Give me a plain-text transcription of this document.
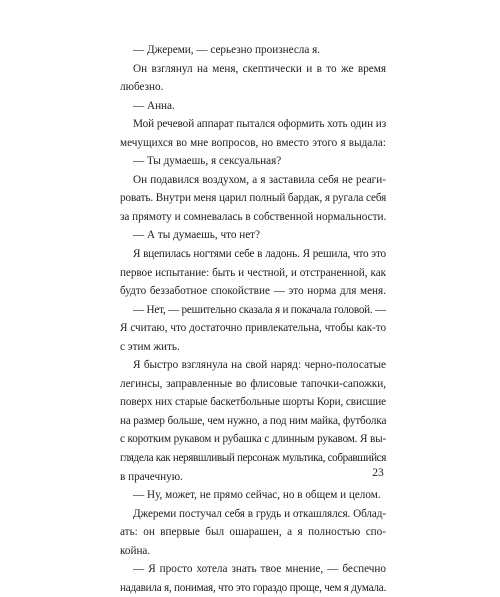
— Джереми, — серьезно произнесла я.
Он взглянул на меня, скептически и в то же время
любезно.
— Анна.
Мой речевой аппарат пытался оформить хоть один из
мечущихся во мне вопросов, но вместо этого я выдала:
— Ты думаешь, я сексуальная?
Он подавился воздухом, а я заставила себя не реаги-
ровать. Внутри меня царил полный бардак, я ругала себя
за прямоту и сомневалась в собственной нормальности.
— А ты думаешь, что нет?
Я вцепилась ногтями себе в ладонь. Я решила, что это
первое испытание: быть и честной, и отстраненной, как
будто беззаботное спокойствие — это норма для меня.
— Нет, — решительно сказала я и покачала головой. —
Я считаю, что достаточно привлекательна, чтобы как-то
с этим жить.
Я быстро взглянула на свой наряд: черно-полосатые
легинсы, заправленные во флисовые тапочки-сапожки,
поверх них старые баскетбольные шорты Кори, свисшие
на размер больше, чем нужно, а под ним майка, футболка
с коротким рукавом и рубашка с длинным рукавом. Я вы-
глядела как нерявшливый персонаж мультика, собравшийся
в прачечную.
— Ну, может, не прямо сейчас, но в общем и целом.
Джереми постучал себя в грудь и откашлялся. Облад-
ать: он впервые был ошарашен, а я полностью спо-
койна.
— Я просто хотела знать твое мнение, — беспечно
надавила я, понимая, что это гораздо проще, чем я думала.
23
